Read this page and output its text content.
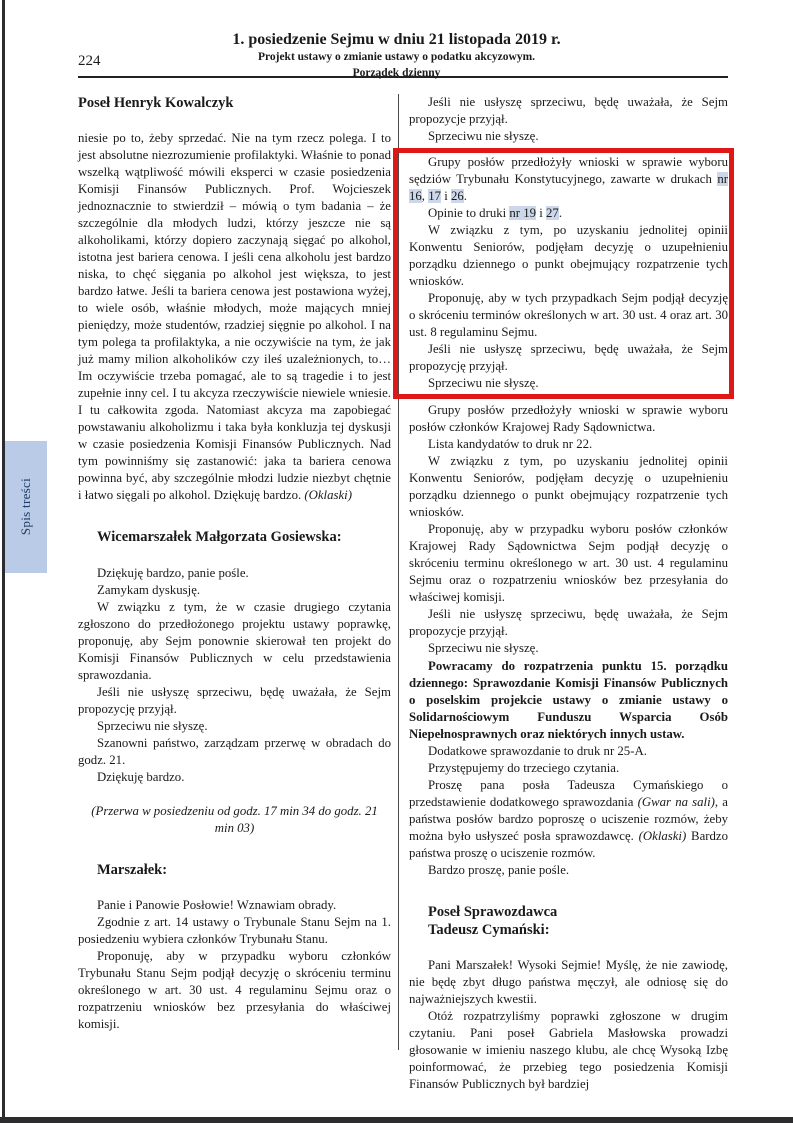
1. posiedzenie Sejmu w dniu 21 listopada 2019 r.
Projekt ustawy o zmianie ustawy o podatku akcyzowym.
Porządek dzienny
224
Spis treści
Poseł Henryk Kowalczyk

niesie po to, żeby sprzedać. Nie na tym rzecz polega. I to jest absolutne niezrozumienie profilaktyki. Właśnie to ponad wszelką wątpliwość mówili eksperci w czasie posiedzenia Komisji Finansów Publicznych. Prof. Wojcieszek jednoznacznie to stwierdził – mówią o tym badania – że szczególnie dla młodych ludzi, którzy jeszcze nie są alkoholikami, którzy dopiero zaczynają sięgać po alkohol, istotna jest bariera cenowa. I jeśli cena alkoholu jest bardzo niska, to chęć sięgania po alkohol jest większa, to jest bardzo łatwe. Jeśli ta bariera cenowa jest postawiona wyżej, to wiele osób, właśnie młodych, może mających mniej pieniędzy, może studentów, rzadziej sięgnie po alkohol. I na tym polega ta profilaktyka, a nie oczywiście na tym, że jak już mamy milion alkoholików czy ileś uzależnionych, to… Im oczywiście trzeba pomagać, ale to są tragedie i to jest zupełnie inny cel. I tu akcyza rzeczywiście niewiele wniesie. I tu całkowita zgoda. Natomiast akcyza ma zapobiegać powstawaniu alkoholizmu i taka była konkluzja tej dyskusji w czasie posiedzenia Komisji Finansów Publicznych. Nad tym powinniśmy się zastanowić: jaka ta bariera cenowa powinna być, aby szczególnie młodzi ludzie niezbyt chętnie i łatwo sięgali po alkohol. Dziękuję bardzo. (Oklaski)

Wicemarszałek Małgorzata Gosiewska:

Dziękuję bardzo, panie pośle.

Zamykam dyskusję.

W związku z tym, że w czasie drugiego czytania zgłoszono do przedłożonego projektu ustawy poprawkę, proponuję, aby Sejm ponownie skierował ten projekt do Komisji Finansów Publicznych w celu przedstawienia sprawozdania.

Jeśli nie usłyszę sprzeciwu, będę uważała, że Sejm propozycję przyjął.

Sprzeciwu nie słyszę.

Szanowni państwo, zarządzam przerwę w obradach do godz. 21.

Dziękuję bardzo.

(Przerwa w posiedzeniu od godz. 17 min 34 do godz. 21 min 03)

Marszałek:

Panie i Panowie Posłowie! Wznawiam obrady.

Zgodnie z art. 14 ustawy o Trybunale Stanu Sejm na 1. posiedzeniu wybiera członków Trybunału Stanu.

Proponuję, aby w przypadku wyboru członków Trybunału Stanu Sejm podjął decyzję o skróceniu terminu określonego w art. 30 ust. 4 regulaminu Sejmu oraz o rozpatrzeniu wniosków bez przesyłania do właściwej komisji.

Jeśli nie usłyszę sprzeciwu, będę uważała, że Sejm propozycje przyjął.

Sprzeciwu nie słyszę.

Grupy posłów przedłożyły wnioski w sprawie wyboru sędziów Trybunału Konstytucyjnego, zawarte w drukach nr 16, 17 i 26.

Opinie to druki nr 19 i 27.

W związku z tym, po uzyskaniu jednolitej opinii Konwentu Seniorów, podjęłam decyzję o uzupełnieniu porządku dziennego o punkt obejmujący rozpatrzenie tych wniosków.

Proponuję, aby w tych przypadkach Sejm podjął decyzję o skróceniu terminów określonych w art. 30 ust. 4 oraz art. 30 ust. 8 regulaminu Sejmu.

Jeśli nie usłyszę sprzeciwu, będę uważała, że Sejm propozycję przyjął.

Sprzeciwu nie słyszę.

Grupy posłów przedłożyły wnioski w sprawie wyboru posłów członków Krajowej Rady Sądownictwa.

Lista kandydatów to druk nr 22.

W związku z tym, po uzyskaniu jednolitej opinii Konwentu Seniorów, podjęłam decyzję o uzupełnieniu porządku dziennego o punkt obejmujący rozpatrzenie tych wniosków.

Proponuję, aby w przypadku wyboru posłów członków Krajowej Rady Sądownictwa Sejm podjął decyzję o skróceniu terminu określonego w art. 30 ust. 4 regulaminu Sejmu oraz o rozpatrzeniu wniosków bez przesyłania do właściwej komisji.

Jeśli nie usłyszę sprzeciwu, będę uważała, że Sejm propozycje przyjął.

Sprzeciwu nie słyszę.

Powracamy do rozpatrzenia punktu 15. porządku dziennego: Sprawozdanie Komisji Finansów Publicznych o poselskim projekcie ustawy o zmianie ustawy o Solidarnościowym Funduszu Wsparcia Osób Niepełnosprawnych oraz niektórych innych ustaw.

Dodatkowe sprawozdanie to druk nr 25-A.

Przystępujemy do trzeciego czytania.

Proszę pana posła Tadeusza Cymańskiego o przedstawienie dodatkowego sprawozdania (Gwar na sali), a państwa posłów bardzo poproszę o uciszenie rozmów, żeby można było usłyszeć posła sprawozdawcę. (Oklaski) Bardzo państwa proszę o uciszenie rozmów.

Bardzo proszę, panie pośle.

Poseł Sprawozdawca
Tadeusz Cymański:

Pani Marszałek! Wysoki Sejmie! Myślę, że nie zawiodę, nie będę zbyt długo państwa męczył, ale odniosę się do najważniejszych kwestii.

Otóż rozpatrzyliśmy poprawki zgłoszone w drugim czytaniu. Pani poseł Gabriela Masłowska prowadzi głosowanie w imieniu naszego klubu, ale chcę Wysoką Izbę poinformować, że przebieg tego posiedzenia Komisji Finansów Publicznych był bardziej
